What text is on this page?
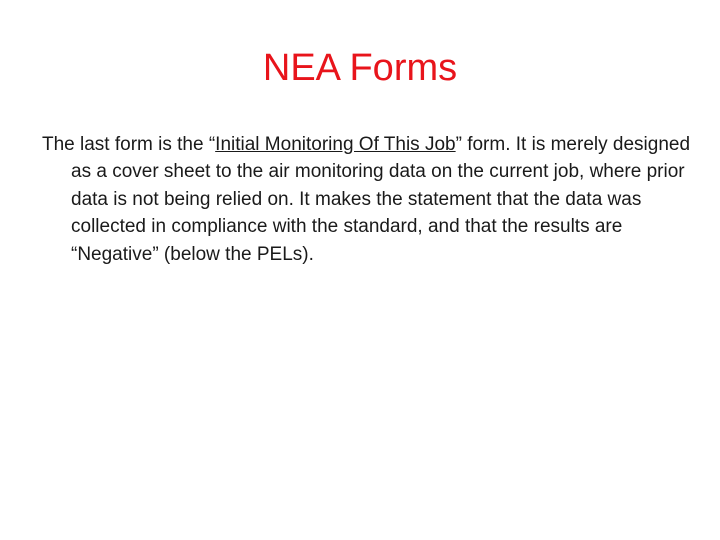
NEA Forms

The last form is the “Initial Monitoring Of This Job” form. It is merely designed as a cover sheet to the air monitoring data on the current job, where prior data is not being relied on. It makes the statement that the data was collected in compliance with the standard, and that the results are “Negative” (below the PELs).
